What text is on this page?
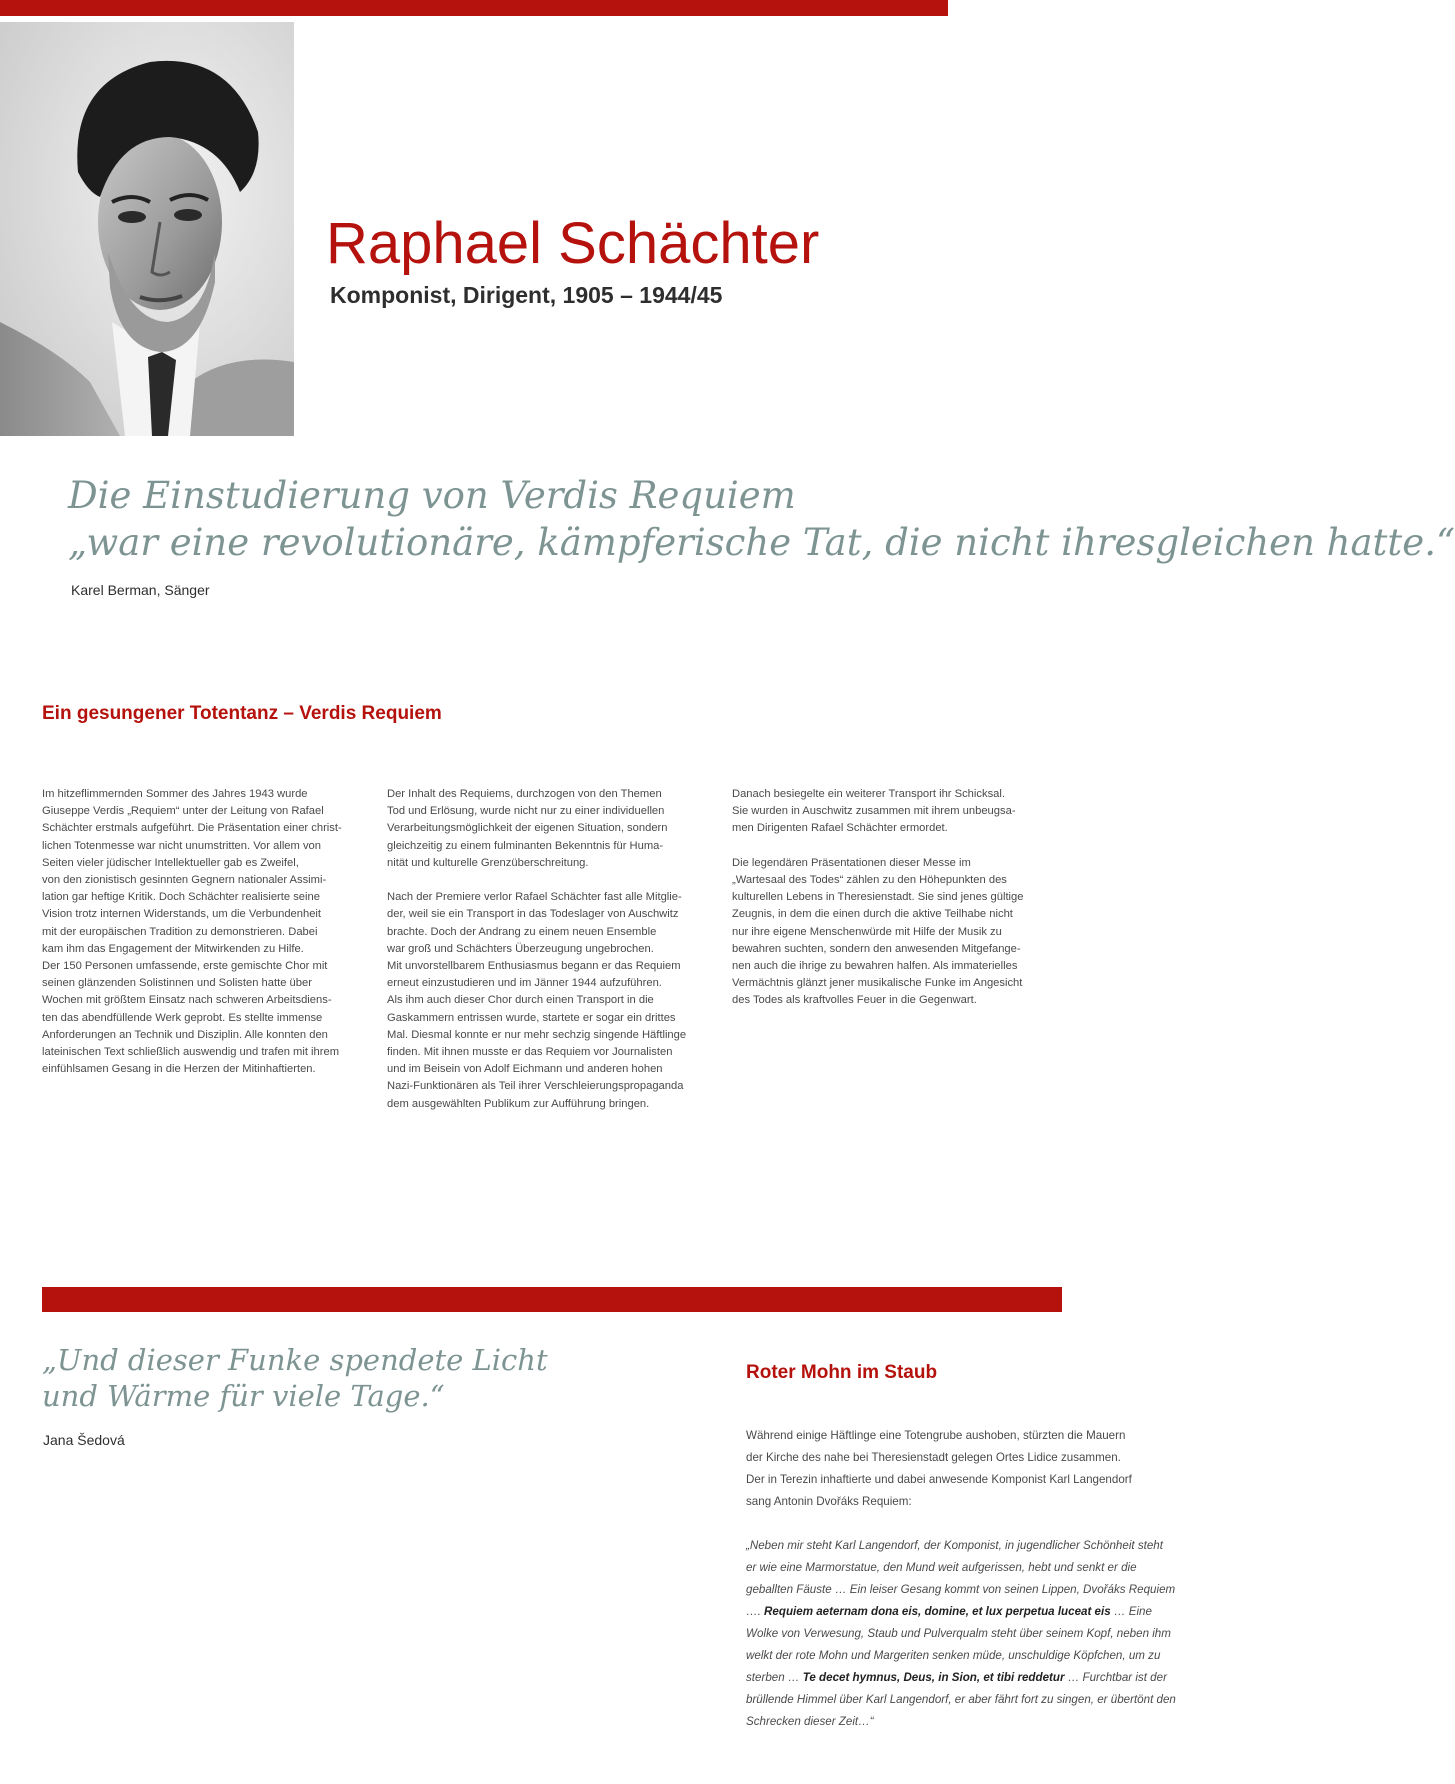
Raphael Schächter
Komponist, Dirigent, 1905 – 1944/45
Die Einstudierung von Verdis Requiem
„war eine revolutionäre, kämpferische Tat, die nicht ihresgleichen hatte.“
Karel Berman, Sänger
Ein gesungener Totentanz – Verdis Requiem

Im hitzeflimmernden Sommer des Jahres 1943 wurde
Giuseppe Verdis „Requiem“ unter der Leitung von Rafael
Schächter erstmals aufgeführt. Die Präsentation einer christ-
lichen Totenmesse war nicht unumstritten. Vor allem von
Seiten vieler jüdischer Intellektueller gab es Zweifel,
von den zionistisch gesinnten Gegnern nationaler Assimi-
lation gar heftige Kritik. Doch Schächter realisierte seine
Vision trotz internen Widerstands, um die Verbundenheit
mit der europäischen Tradition zu demonstrieren. Dabei
kam ihm das Engagement der Mitwirkenden zu Hilfe.
Der 150 Personen umfassende, erste gemischte Chor mit
seinen glänzenden Solistinnen und Solisten hatte über
Wochen mit größtem Einsatz nach schweren Arbeitsdiens-
ten das abendfüllende Werk geprobt. Es stellte immense
Anforderungen an Technik und Disziplin. Alle konnten den
lateinischen Text schließlich auswendig und trafen mit ihrem
einfühlsamen Gesang in die Herzen der Mitinhaftierten.

Der Inhalt des Requiems, durchzogen von den Themen
Tod und Erlösung, wurde nicht nur zu einer individuellen
Verarbeitungsmöglichkeit der eigenen Situation, sondern
gleichzeitig zu einem fulminanten Bekenntnis für Huma-
nität und kulturelle Grenzüberschreitung.

Nach der Premiere verlor Rafael Schächter fast alle Mitglie-
der, weil sie ein Transport in das Todeslager von Auschwitz
brachte. Doch der Andrang zu einem neuen Ensemble
war groß und Schächters Überzeugung ungebrochen.
Mit unvorstellbarem Enthusiasmus begann er das Requiem
erneut einzustudieren und im Jänner 1944 aufzuführen.
Als ihm auch dieser Chor durch einen Transport in die
Gaskammern entrissen wurde, startete er sogar ein drittes
Mal. Diesmal konnte er nur mehr sechzig singende Häftlinge
finden. Mit ihnen musste er das Requiem vor Journalisten
und im Beisein von Adolf Eichmann und anderen hohen
Nazi-Funktionären als Teil ihrer Verschleierungspropaganda
dem ausgewählten Publikum zur Aufführung bringen.

Danach besiegelte ein weiterer Transport ihr Schicksal.
Sie wurden in Auschwitz zusammen mit ihrem unbeugsa-
men Dirigenten Rafael Schächter ermordet.

Die legendären Präsentationen dieser Messe im
„Wartesaal des Todes“ zählen zu den Höhepunkten des
kulturellen Lebens in Theresienstadt. Sie sind jenes gültige
Zeugnis, in dem die einen durch die aktive Teilhabe nicht
nur ihre eigene Menschenwürde mit Hilfe der Musik zu
bewahren suchten, sondern den anwesenden Mitgefange-
nen auch die ihrige zu bewahren halfen. Als immaterielles
Vermächtnis glänzt jener musikalische Funke im Angesicht
des Todes als kraftvolles Feuer in die Gegenwart.

„Und dieser Funke spendete Licht
und Wärme für viele Tage.“
Jana Šedová
Roter Mohn im Staub

Während einige Häftlinge eine Totengrube aushoben, stürzten die Mauern
der Kirche des nahe bei Theresienstadt gelegen Ortes Lidice zusammen.
Der in Terezin inhaftierte und dabei anwesende Komponist Karl Langendorf
sang Antonin Dvořáks Requiem:

„Neben mir steht Karl Langendorf, der Komponist, in jugendlicher Schönheit steht er wie eine Marmorstatue, den Mund weit aufgerissen, hebt und senkt er die geballten Fäuste … Ein leiser Gesang kommt von seinen Lippen, Dvořáks Requiem …. Requiem aeternam dona eis, domine, et lux perpetua luceat eis … Eine Wolke von Verwesung, Staub und Pulverqualm steht über seinem Kopf, neben ihm welkt der rote Mohn und Margeriten senken müde, unschuldige Köpfchen, um zu sterben … Te decet hymnus, Deus, in Sion, et tibi reddetur … Furchtbar ist der brüllende Himmel über Karl Langendorf, er aber fährt fort zu singen, er übertönt den Schrecken dieser Zeit…“
